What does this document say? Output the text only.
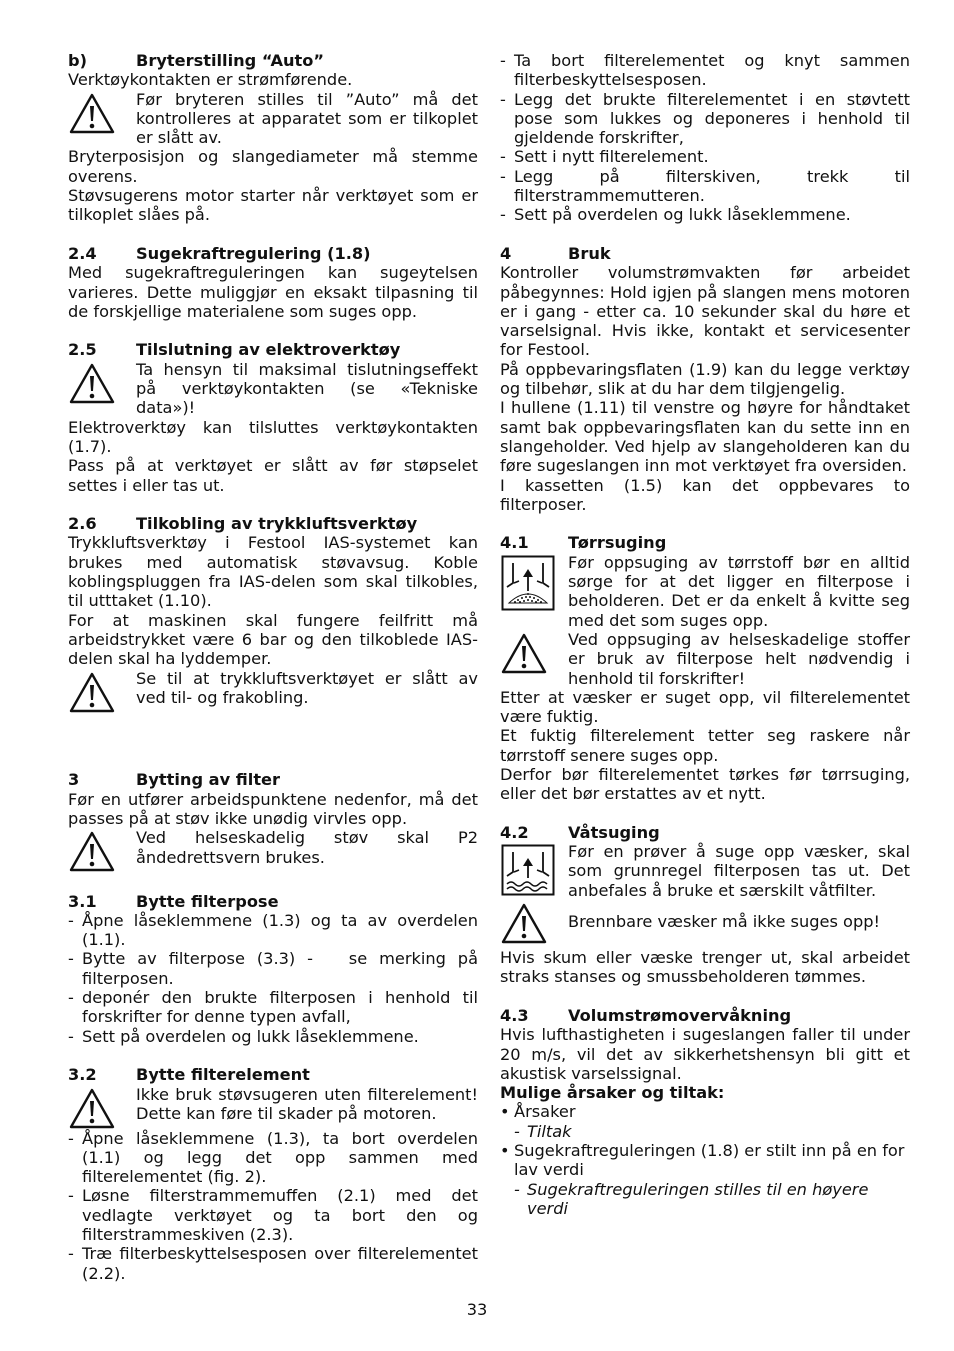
b)	Bryterstilling “Auto”

Verktøykontakten er strømførende.

Før bryteren stilles til ”Auto” må det kontrolleres at apparatet som er tilkoplet er slått av.

Bryterposisjon og slangediameter må stemme overens.

Støvsugerens motor starter når verktøyet som er tilkoplet slåes på.

2.4	Sugekraftregulering (1.8)

Med sugekraftreguleringen kan sugeytelsen varieres. Dette muliggjør en eksakt tilpasning til de forskjellige materialene som suges opp.

2.5	Tilslutning av elektroverktøy
Ta hensyn til maksimal tislutningseffekt på verktøykontakten (se «Tekniske data»)!

Elektroverktøy kan tilsluttes verktøykontakten (1.7).

Pass på at verktøyet er slått av før støpselet settes i eller tas ut.

2.6	Tilkobling av trykkluftsverktøy

Trykkluftsverktøy i Festool IAS-systemet kan brukes med automatisk støvavsug. Koble koblingspluggen fra IAS-delen som skal tilkobles, til utttaket (1.10).

For at maskinen skal fungere feilfritt må arbeidstrykket være 6 bar og den tilkoblede IAS-delen skal ha lyddemper.

Se til at trykkluftsverktøyet er slått av ved til- og frakobling.
3	Bytting av filter

Før en utfører arbeidspunktene nedenfor, må det passes på at støv ikke unødig virvles opp.

Ved helseskadelig støv skal P2 åndedrettsvern brukes.
3.1	Bytte filterpose
- Åpne låseklemmene (1.3) og ta av overdelen (1.1).
- Bytte av filterpose (3.3) -   se merking på filterposen.
- deponér den brukte filterposen i henhold til forskrifter for denne typen avfall,
- Sett på overdelen og lukk låseklemmene.
3.2	Bytte filterelement
Ikke bruk støvsugeren uten filterelement! Dette kan føre til skader på motoren.
- Åpne låseklemmene (1.3), ta bort overdelen (1.1) og legg det opp sammen med filterelementet (fig. 2).
- Løsne filterstrammemuffen (2.1) med det vedlagte verktøyet og ta bort den og filterstrammeskiven (2.3).
- Træ filterbeskyttelsesposen over filterelementet (2.2).
- Ta bort filterelementet og knyt sammen filterbeskyttelsesposen.
- Legg det brukte filterelementet i en støvtett pose som lukkes og deponeres i henhold til gjeldende forskrifter,
- Sett i nytt filterelement.
- Legg på filterskiven, trekk til filterstrammemutteren.
- Sett på overdelen og lukk låseklemmene.
4	Bruk

Kontroller volumstrømvakten før arbeidet påbegynnes: Hold igjen på slangen mens motoren er i gang - etter ca. 10 sekunder skal du høre et varselsignal. Hvis ikke, kontakt et servicesenter for Festool.

På oppbevaringsflaten (1.9) kan du legge verktøy og tilbehør, slik at du har dem tilgjengelig.

I hullene (1.11) til venstre og høyre for håndtaket samt bak oppbevaringsflaten kan du sette inn en slangeholder. Ved hjelp av slangeholderen kan du føre sugeslangen inn mot verktøyet fra oversiden.

I kassetten (1.5) kan det oppbevares to filterposer.

4.1	Tørrsuging
Før oppsuging av tørrstoff bør en alltid sørge for at det ligger en filterpose i beholderen. Det er da enkelt å kvitte seg med det som suges opp.
Ved oppsuging av helseskadelige stoffer er bruk av filterpose helt nødvendig i henhold til forskrifter!

Etter at væsker er suget opp, vil filterelementet være fuktig.

Et fuktig filterelement tetter seg raskere når tørrstoff senere suges opp.

Derfor bør filterelementet tørkes før tørrsuging, eller det bør erstattes av et nytt.

4.2	Våtsuging
Før en prøver å suge opp væsker, skal som grunnregel filterposen tas ut. Det anbefales å bruke et særskilt våtfilter.
Brennbare væsker må ikke suges opp!

Hvis skum eller væske trenger ut, skal arbeidet straks stanses og smussbeholderen tømmes.

4.3	Volumstrømovervåkning

Hvis lufthastigheten i sugeslangen faller til under 20 m/s, vil det av sikkerhetshensyn bli gitt et akustisk varselssignal.

Mulige årsaker og tiltak:

• Årsaker
- Tiltak
• Sugekraftreguleringen (1.8) er stilt inn på en for lav verdi
- Sugekraftreguleringen stilles til en høyere verdi
33
